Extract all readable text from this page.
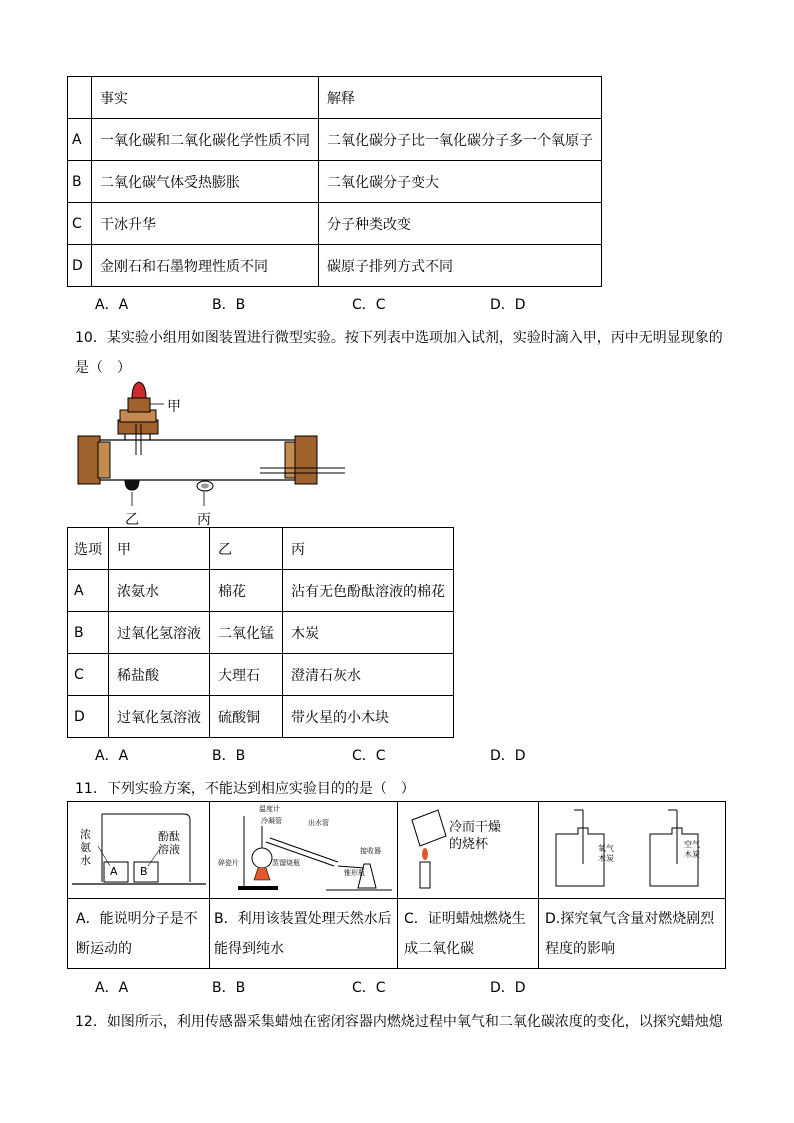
	事实	解释
A	一氧化碳和二氧化碳化学性质不同	二氧化碳分子比一氧化碳分子多一个氧原子
B	二氧化碳气体受热膨胀	二氧化碳分子变大
C	干冰升华	分子种类改变
D	金刚石和石墨物理性质不同	碳原子排列方式不同
A．A	B．B	C．C	D．D
10．某实验小组用如图装置进行微型实验。按下列表中选项加入试剂，实验时滴入甲，丙中无明显现象的
是（　）
甲
乙	丙
选项	甲	乙	丙
A	浓氨水	棉花	沾有无色酚酞溶液的棉花
B	过氧化氢溶液	二氧化锰	木炭
C	稀盐酸	大理石	澄清石灰水
D	过氧化氢溶液	硫酸铜	带火星的小木块
A．A	B．B	C．C	D．D
11．下列实验方案，不能达到相应实验目的的是（　）
浓
氨
水
酚酞
溶液
A B
温度计
冷凝管
碎瓷片	蒸馏烧瓶
出水管
接收器
锥形瓶
冷而干燥
的烧杯	氧气
木炭
空气
木炭
A．能说明分子是不
断运动的
B．利用该装置处理天然水后
能得到纯水
C．证明蜡烛燃烧生
成二氧化碳
D.探究氧气含量对燃烧剧烈
程度的影响
A．A	B．B	C．C	D．D
12．如图所示，利用传感器采集蜡烛在密闭容器内燃烧过程中氧气和二氧化碳浓度的变化，以探究蜡烛熄
